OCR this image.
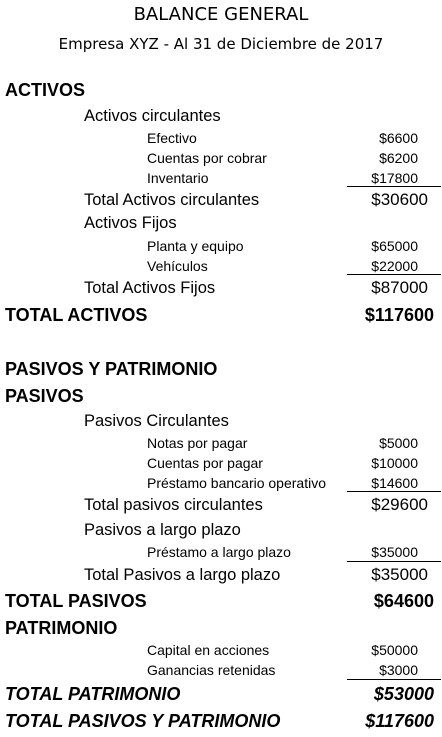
BALANCE GENERAL
Empresa XYZ - Al 31 de Diciembre de 2017
ACTIVOS
Activos circulantes
Efectivo	$6600
Cuentas por cobrar	$6200
Inventario	$17800
Total Activos circulantes	$30600
Activos Fijos
Planta y equipo	$65000
Vehículos	$22000
Total Activos Fijos	$87000
TOTAL ACTIVOS	$117600
PASIVOS Y PATRIMONIO
PASIVOS
Pasivos Circulantes
Notas por pagar	$5000
Cuentas por pagar	$10000
Préstamo bancario operativo	$14600
Total pasivos circulantes	$29600
Pasivos a largo plazo
Préstamo a largo plazo	$35000
Total Pasivos a largo plazo	$35000
TOTAL PASIVOS	$64600
PATRIMONIO
Capital en acciones	$50000
Ganancias retenidas	$3000
TOTAL PATRIMONIO	$53000
TOTAL PASIVOS Y PATRIMONIO	$117600
